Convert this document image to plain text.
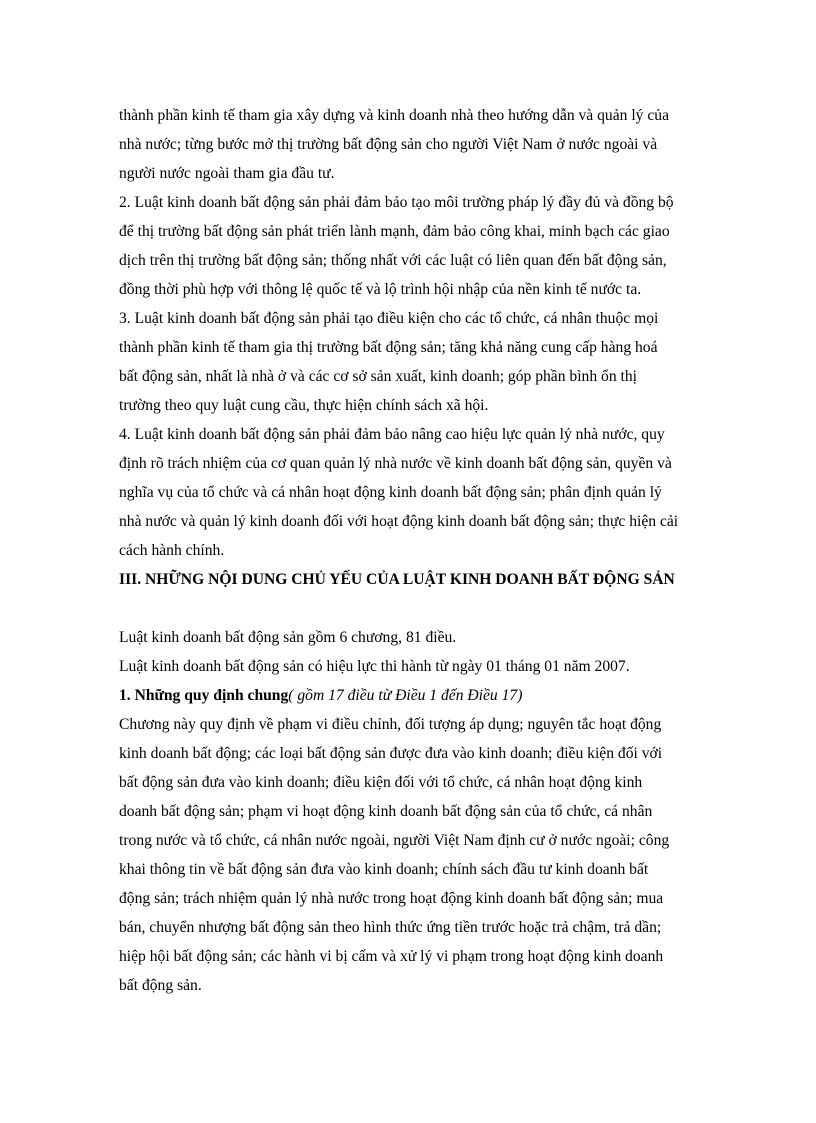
thành phần kinh tế tham gia xây dựng và kinh doanh nhà theo hướng dẫn và quản lý của
nhà nước; từng bước mở thị trường bất động sản cho người Việt Nam ở nước ngoài và
người nước ngoài tham gia đầu tư.
2. Luật kinh doanh bất động sản phải đảm bảo tạo môi trường pháp lý đầy đủ và đồng bộ
để thị trường bất động sản phát triển lành mạnh, đảm bảo công khai, minh bạch các giao
dịch trên thị trường bất động sản; thống nhất với các luật có liên quan đến bất động sản,
đồng thời phù hợp với thông lệ quốc tế và lộ trình hội nhập của nền kinh tế nước ta.
3. Luật kinh doanh bất động sản phải tạo điều kiện cho các tổ chức, cá nhân thuộc mọi
thành phần kinh tế tham gia thị trường bất động sản; tăng khả năng cung cấp hàng hoá
bất động sản, nhất là nhà ở và các cơ sở sản xuất, kinh doanh; góp phần bình ổn thị
trường theo quy luật cung cầu, thực hiện chính sách xã hội.
4. Luật kinh doanh bất động sản phải đảm bảo nâng cao hiệu lực quản lý nhà nước, quy
định rõ trách nhiệm của cơ quan quản lý nhà nước về kinh doanh bất động sản, quyền và
nghĩa vụ của tổ chức và cá nhân hoạt động kinh doanh bất động sản; phân định quản lý
nhà nước và quản lý kinh doanh đối với hoạt động kinh doanh bất động sản; thực hiện cải
cách hành chính.
III. NHỮNG NỘI DUNG CHỦ YẾU CỦA LUẬT KINH DOANH BẤT ĐỘNG SẢN
Luật kinh doanh bất động sản gồm 6 chương, 81 điều.
Luật kinh doanh bất động sản có hiệu lực thi hành từ ngày 01 tháng 01 năm 2007.
1. Những quy định chung( gồm 17 điều từ Điều 1 đến Điều 17)
Chương này quy định về phạm vi điều chỉnh, đối tượng áp dụng; nguyên tắc hoạt động
kinh doanh bất động; các loại bất động sản được đưa vào kinh doanh; điều kiện đối với
bất động sản đưa vào kinh doanh; điều kiện đối với tổ chức, cá nhân hoạt động kinh
doanh bất động sản; phạm vi hoạt động kinh doanh bất động sản của tổ chức, cá nhân
trong nước và tổ chức, cá nhân nước ngoài, người Việt Nam định cư ở nước ngoài; công
khai thông tin về bất động sản đưa vào kinh doanh; chính sách đầu tư kinh doanh bất
động sản; trách nhiệm quản lý nhà nước trong hoạt động kinh doanh bất động sản; mua
bán, chuyển nhượng bất động sản theo hình thức ứng tiền trước hoặc trả chậm, trả dần;
hiệp hội bất động sản; các hành vi bị cấm và xử lý vi phạm trong hoạt động kinh doanh
bất động sản.
